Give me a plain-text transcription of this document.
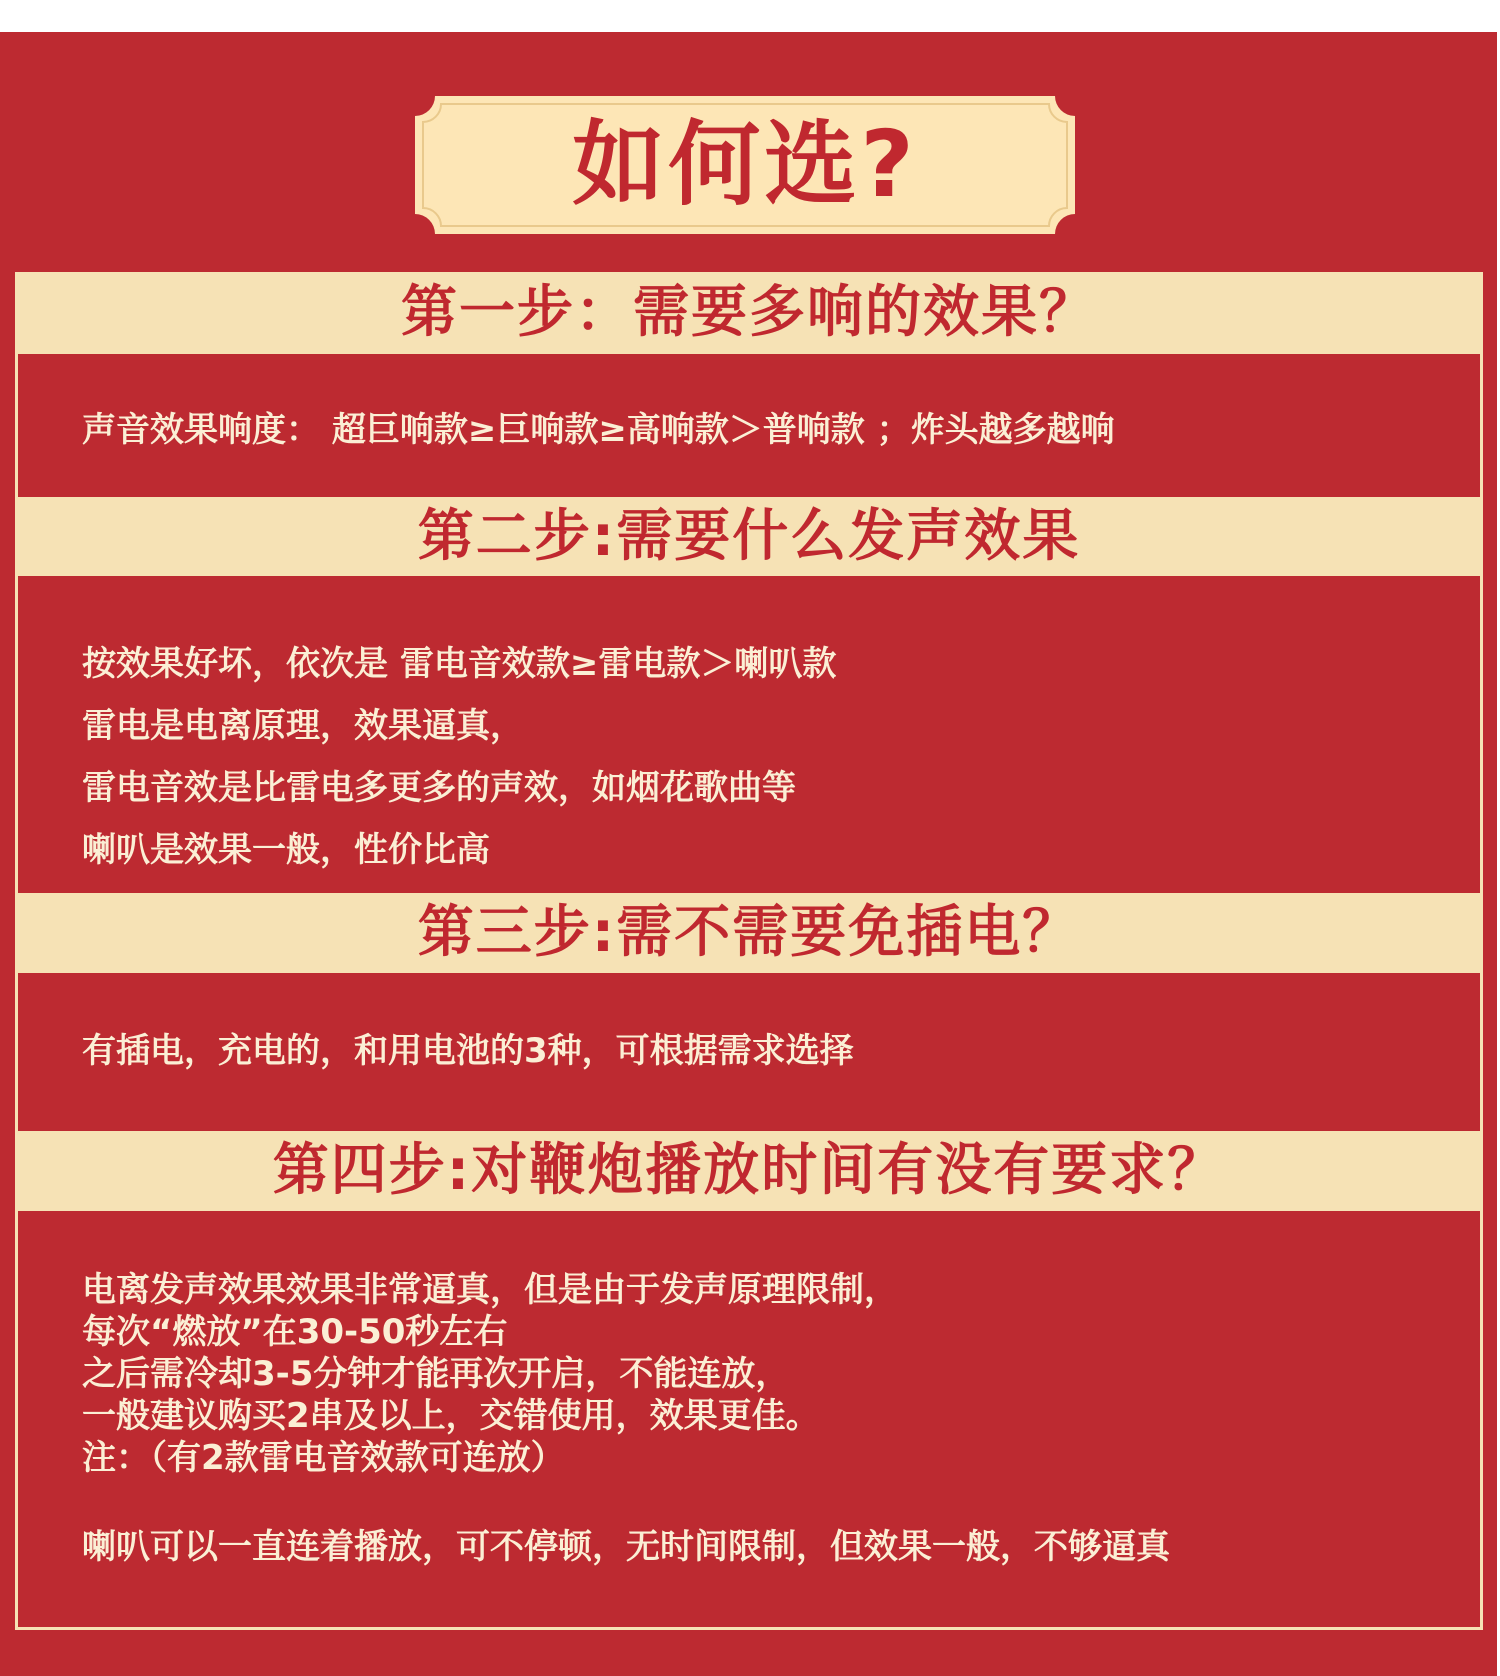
如何选?
第一步：需要多响的效果？
声音效果响度： 超巨响款≥巨响款≥高响款＞普响款 ；炸头越多越响
第二步:需要什么发声效果
按效果好坏，依次是 雷电音效款≥雷电款＞喇叭款
雷电是电离原理，效果逼真，
雷电音效是比雷电多更多的声效，如烟花歌曲等
喇叭是效果一般，性价比高
第三步:需不需要免插电？
有插电，充电的，和用电池的3种，可根据需求选择
第四步:对鞭炮播放时间有没有要求？
电离发声效果效果非常逼真，但是由于发声原理限制，
每次“燃放”在30-50秒左右
之后需冷却3-5分钟才能再次开启，不能连放，
一般建议购买2串及以上，交错使用，效果更佳。
注：（有2款雷电音效款可连放）
喇叭可以一直连着播放，可不停顿，无时间限制，但效果一般，不够逼真
